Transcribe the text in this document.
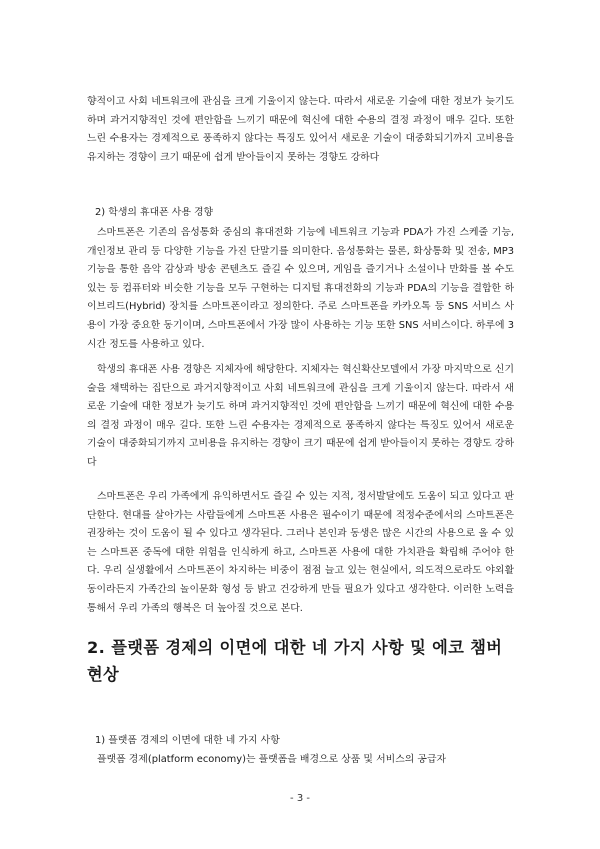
향적이고 사회 네트워크에 관심을 크게 기울이지 않는다. 따라서 새로운 기술에 대한 정보가 늦기도 하며 과거지향적인 것에 편안함을 느끼기 때문에 혁신에 대한 수용의 결정 과정이 매우 길다. 또한 느린 수용자는 경제적으로 풍족하지 않다는 특징도 있어서 새로운 기술이 대중화되기까지 고비용을 유지하는 경향이 크기 때문에 쉽게 받아들이지 못하는 경향도 강하다

2) 학생의 휴대폰 사용 경향

스마트폰은 기존의 음성통화 중심의 휴대전화 기능에 네트워크 기능과 PDA가 가진 스케줄 기능, 개인정보 관리 등 다양한 기능을 가진 단말기를 의미한다. 음성통화는 물론, 화상통화 및 전송, MP3 기능을 통한 음악 감상과 방송 콘텐츠도 즐길 수 있으며, 게임을 즐기거나 소설이나 만화를 볼 수도 있는 등 컴퓨터와 비슷한 기능을 모두 구현하는 디지털 휴대전화의 기능과 PDA의 기능을 결합한 하이브리드(Hybrid) 장치를 스마트폰이라고 정의한다. 주로 스마트폰을 카카오톡 등 SNS 서비스 사용이 가장 중요한 동기이며, 스마트폰에서 가장 많이 사용하는 기능 또한 SNS 서비스이다. 하루에 3시간 정도를 사용하고 있다.

학생의 휴대폰 사용 경향은 지체자에 해당한다. 지체자는 혁신확산모델에서 가장 마지막으로 신기술을 채택하는 집단으로 과거지향적이고 사회 네트워크에 관심을 크게 기울이지 않는다. 따라서 새로운 기술에 대한 정보가 늦기도 하며 과거지향적인 것에 편안함을 느끼기 때문에 혁신에 대한 수용의 결정 과정이 매우 길다. 또한 느린 수용자는 경제적으로 풍족하지 않다는 특징도 있어서 새로운 기술이 대중화되기까지 고비용을 유지하는 경향이 크기 때문에 쉽게 받아들이지 못하는 경향도 강하다

스마트폰은 우리 가족에게 유익하면서도 즐길 수 있는 지적, 정서발달에도 도움이 되고 있다고 판단한다. 현대를 살아가는 사람들에게 스마트폰 사용은 필수이기 때문에 적정수준에서의 스마트폰은 권장하는 것이 도움이 될 수 있다고 생각된다. 그러나 본인과 동생은 많은 시간의 사용으로 올 수 있는 스마트폰 중독에 대한 위험을 인식하게 하고, 스마트폰 사용에 대한 가치관을 확립해 주어야 한다. 우리 실생활에서 스마트폰이 차지하는 비중이 점점 늘고 있는 현실에서, 의도적으로라도 야외활동이라든지 가족간의 놀이문화 형성 등 밝고 건강하게 만들 필요가 있다고 생각한다. 이러한 노력을 통해서 우리 가족의 행복은 더 높아질 것으로 본다.

2. 플랫폼 경제의 이면에 대한 네 가지 사항 및 에코 챔버 현상

1) 플랫폼 경제의 이면에 대한 네 가지 사항

플랫폼 경제(platform economy)는 플랫폼을 배경으로 상품 및 서비스의 공급자

- 3 -
